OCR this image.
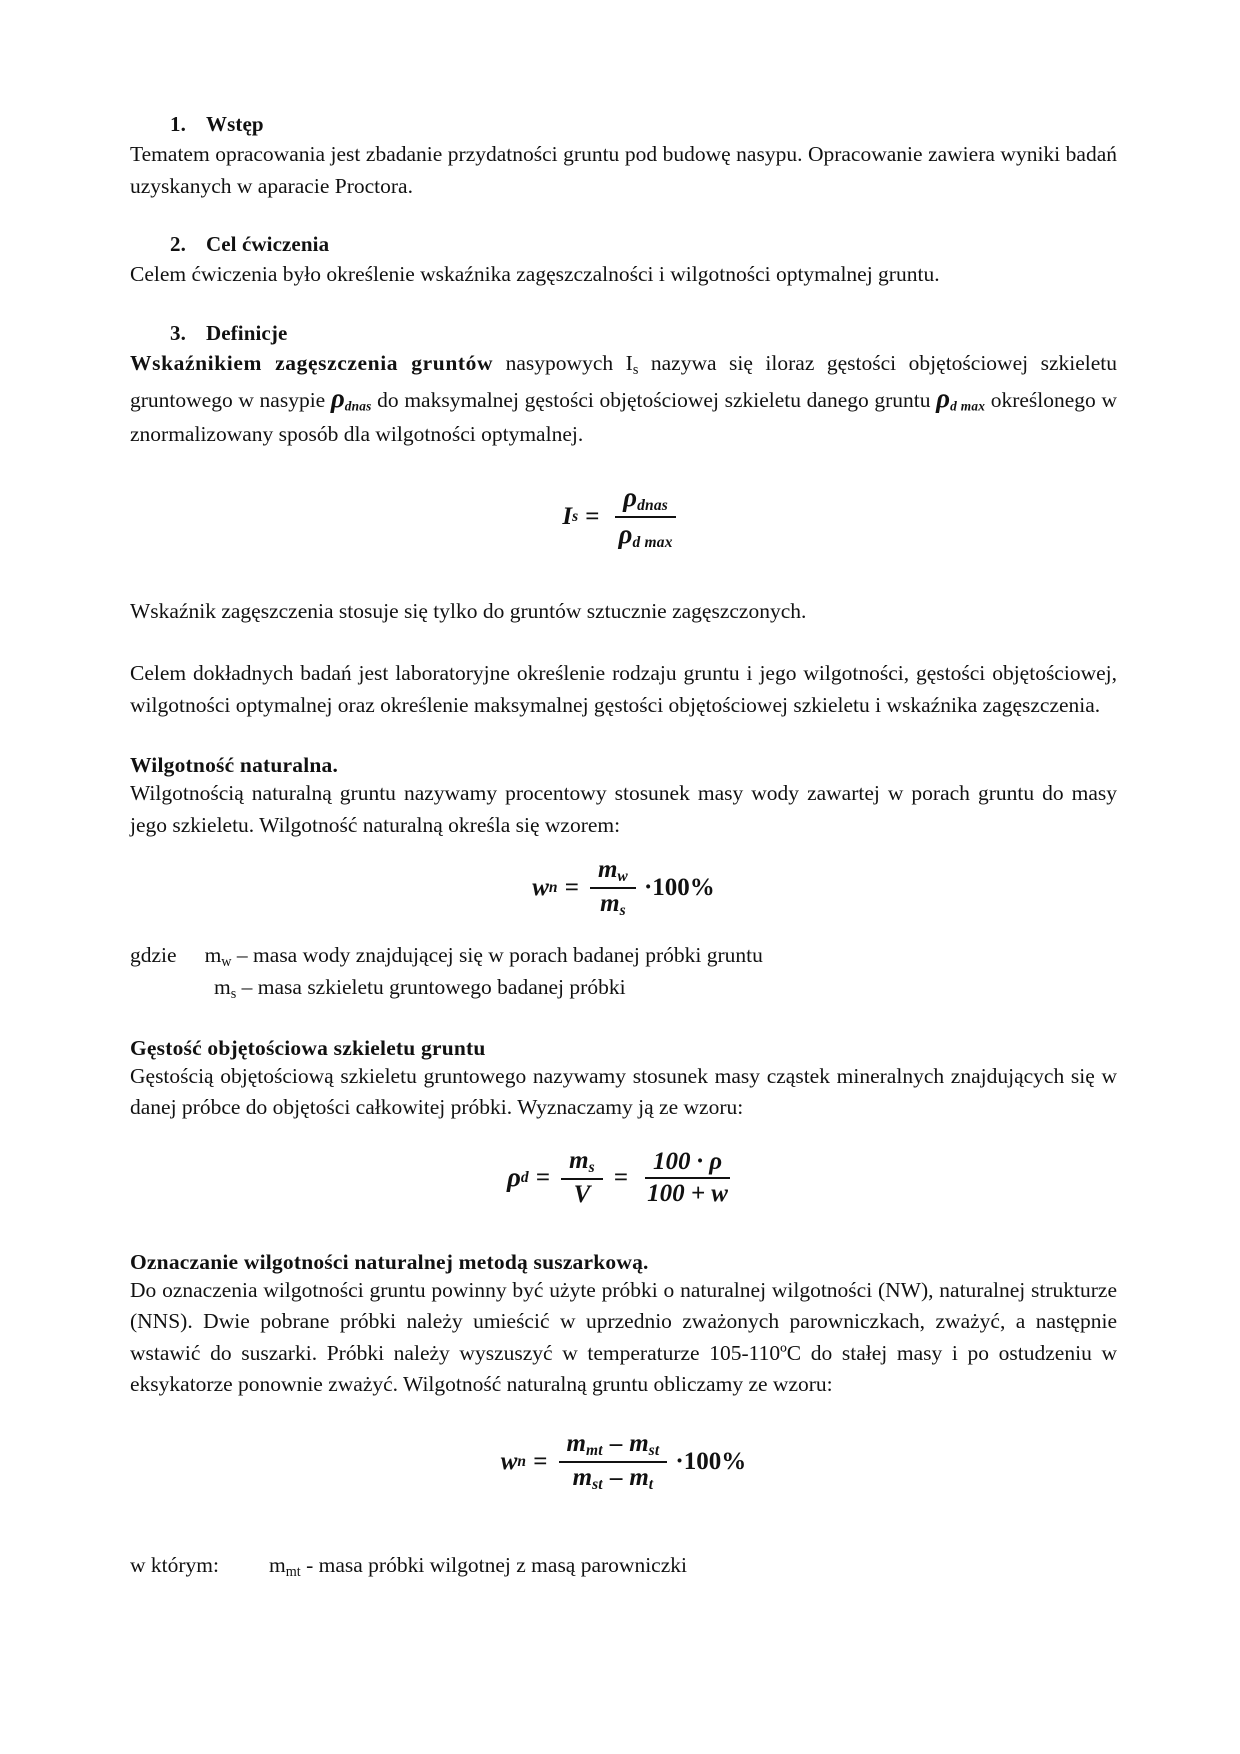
1. Wstęp

Tematem opracowania jest zbadanie przydatności gruntu pod budowę nasypu. Opracowanie zawiera wyniki badań uzyskanych w aparacie Proctora.

2. Cel ćwiczenia

Celem ćwiczenia było określenie wskaźnika zagęszczalności i wilgotności optymalnej gruntu.

3. Definicje

Wskaźnikiem zagęszczenia gruntów nasypowych $I_s$ nazywa się iloraz gęstości objętościowej szkieletu gruntowego w nasypie ρdnas do maksymalnej gęstości objętościowej szkieletu danego gruntu ρd max określonego w znormalizowany sposób dla wilgotności optymalnej.

I $s = \frac{\text{ρdnas}}{\text{ρd max}}$

Wskaźnik zagęszczenia stosuje się tylko do gruntów sztucznie zagęszczonych.

Celem dokładnych badań jest laboratoryjne określenie rodzaju gruntu i jego wilgotności, gęstości objętościowej, wilgotności optymalnej oraz określenie maksymalnej gęstości objętościowej szkieletu i wskaźnika zagęszczenia.

Wilgotność naturalna.

Wilgotnością naturalną gruntu nazywamy procentowy stosunek masy wody zawartej w porach gruntu do masy jego szkieletu. Wilgotność naturalną określa się wzorem:

w $n = \frac{mw}{ms} \cdot 100\%$
gdzie $m_w$ – masa wody znajdującej się w porach badanej próbki gruntu
$m_s$ – masa szkieletu gruntowego badanej próbki

Gęstość objętościowa szkieletu gruntu

Gęstością objętościową szkieletu gruntowego nazywamy stosunek masy cząstek mineralnych znajdujących się w danej próbce do objętości całkowitej próbki. Wyznaczamy ją ze wzoru:

ρ $d = \frac{ms}{V} = \frac{100 \cdot \rho}{100 + w}$

Oznaczanie wilgotności naturalnej metodą suszarkową.

Do oznaczenia wilgotności gruntu powinny być użyte próbki o naturalnej wilgotności (NW), naturalnej strukturze (NNS). Dwie pobrane próbki należy umieścić w uprzednio zważonych parowniczkach, zważyć, a następnie wstawić do suszarki. Próbki należy wyszuszyć w temperaturze 105-110ºC do stałej masy i po ostudzeniu w eksykatorze ponownie zważyć. Wilgotność naturalną gruntu obliczamy ze wzoru:

w $n = \frac{\text{mmt – mst}}{\text{mst – mt}} \cdot 100\%$
w którym: $m_{mt}$ - masa próbki wilgotnej z masą parowniczki
